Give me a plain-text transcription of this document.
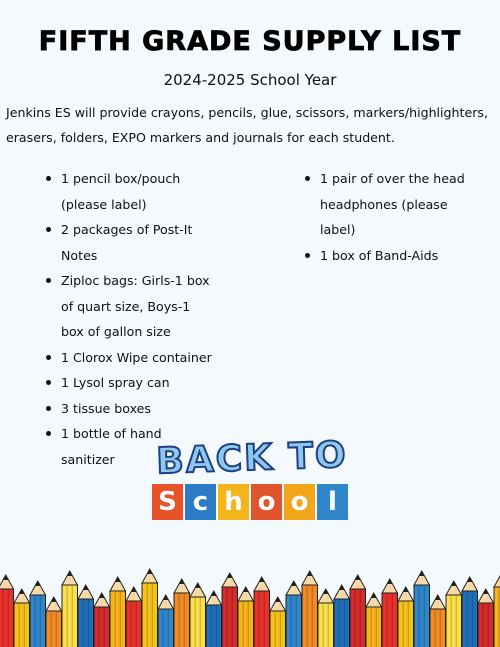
FIFTH GRADE SUPPLY LIST
2024-2025 School Year
Jenkins ES will provide crayons, pencils, glue, scissors, markers/highlighters, erasers, folders, EXPO markers and journals for each student.
1 pencil box/pouch (please label)
2 packages of Post-It Notes
Ziploc bags: Girls-1 box of quart size, Boys-1 box of gallon size
1 Clorox Wipe container
1 Lysol spray can
3 tissue boxes
1 bottle of hand sanitizer
1 pair of over the head headphones (please label)
1 box of Band-Aids
BACK TO
S c h o o l
